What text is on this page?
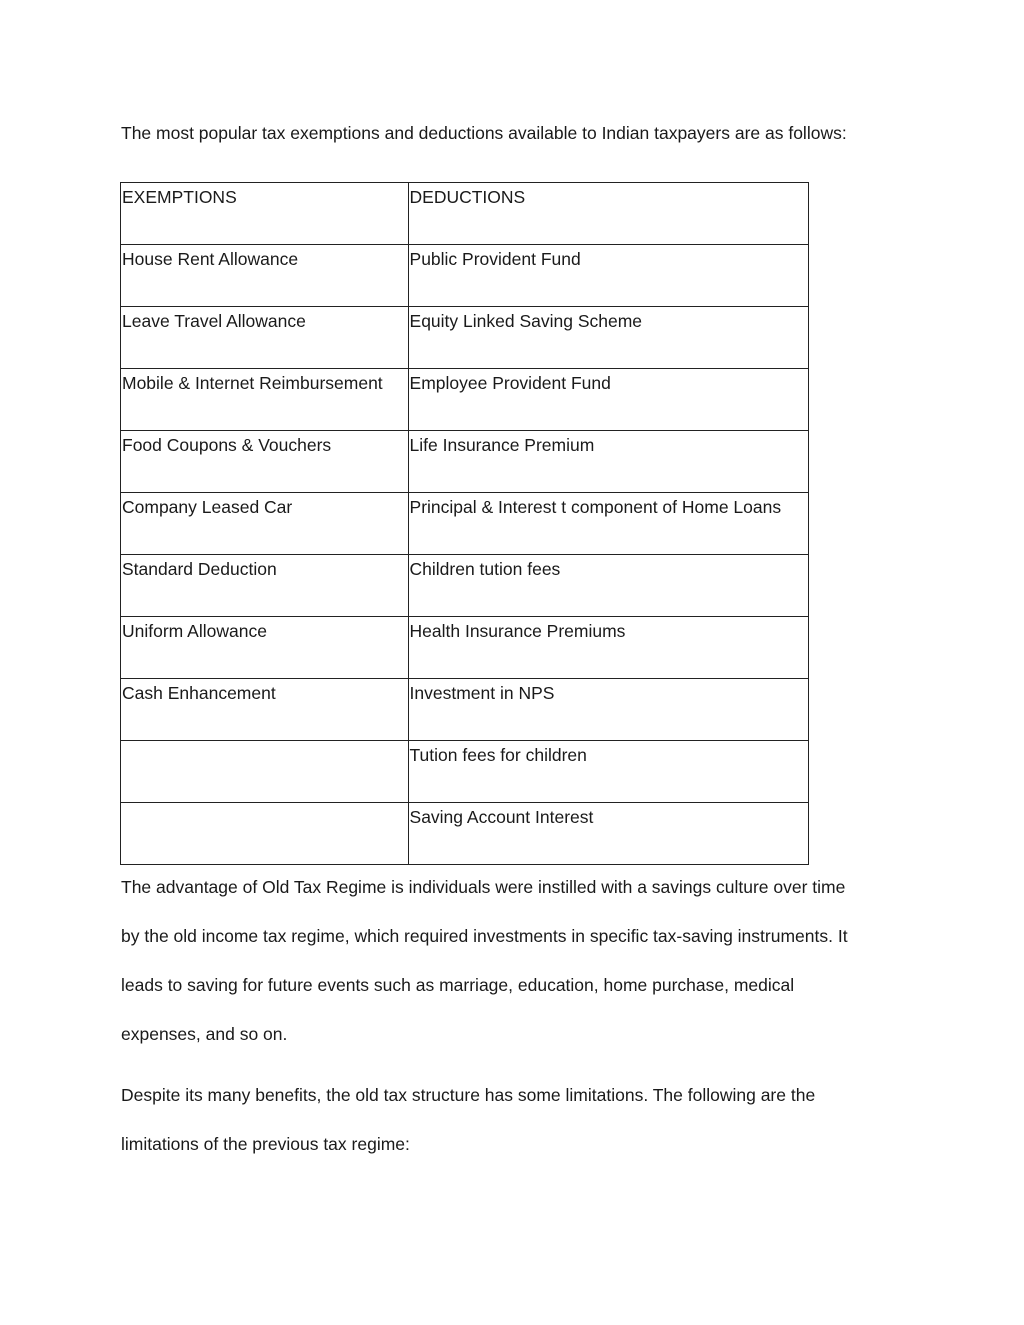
The most popular tax exemptions and deductions available to Indian taxpayers are as follows:
EXEMPTIONS	DEDUCTIONS
House Rent Allowance	Public Provident Fund
Leave Travel Allowance	Equity Linked Saving Scheme
Mobile & Internet Reimbursement	Employee Provident Fund
Food Coupons & Vouchers	Life Insurance Premium
Company Leased Car	Principal & Interest t component of Home Loans
Standard Deduction	Children tution fees
Uniform Allowance	Health Insurance Premiums
Cash Enhancement	Investment in NPS
	Tution fees for children
	Saving Account Interest
The advantage of Old Tax Regime is individuals were instilled with a savings culture over time
by the old income tax regime, which required investments in specific tax-saving instruments. It
leads to saving for future events such as marriage, education, home purchase, medical
expenses, and so on.
Despite its many benefits, the old tax structure has some limitations. The following are the
limitations of the previous tax regime:
